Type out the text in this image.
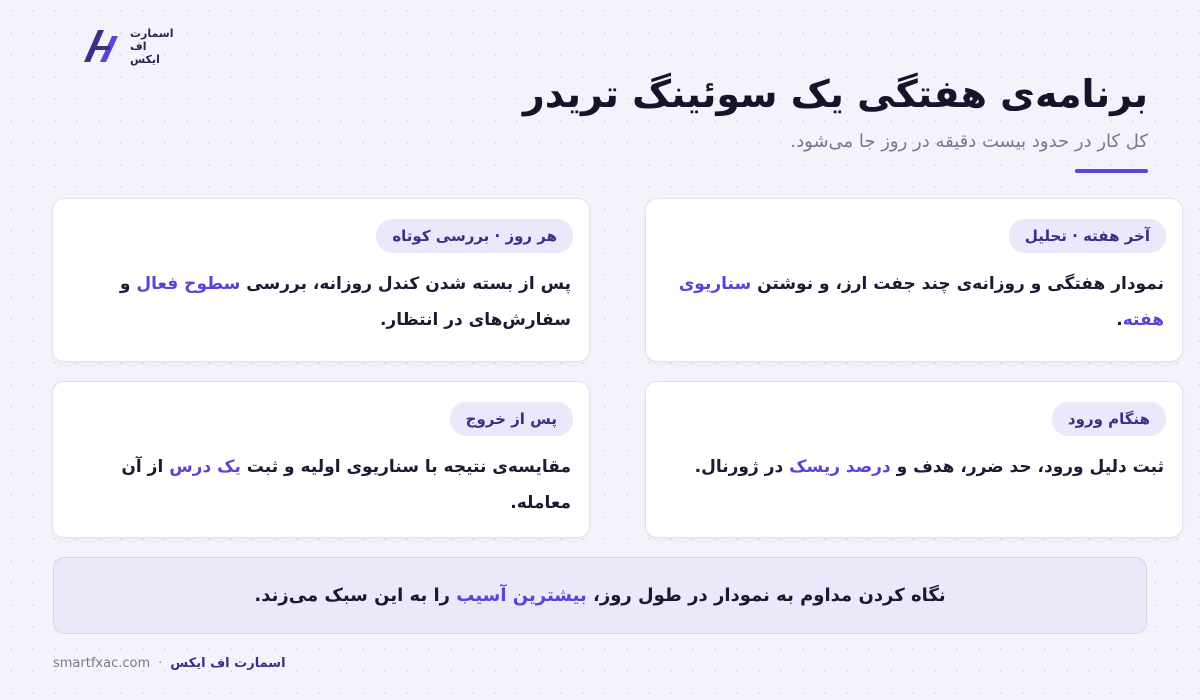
اسمارت
اف
ایکس
برنامه‌ی هفتگی یک سوئینگ تریدر

کل کار در حدود بیست دقیقه در روز جا می‌شود.

آخر هفته · تحلیل

نمودار هفتگی و روزانه‌ی چند جفت ارز، و نوشتن سناریوی هفته.

هر روز · بررسی کوتاه

پس از بسته شدن کندل روزانه، بررسی سطوح فعال و سفارش‌های در انتظار.

هنگام ورود

ثبت دلیل ورود، حد ضرر، هدف و درصد ریسک در ژورنال.

پس از خروج

مقایسه‌ی نتیجه با سناریوی اولیه و ثبت یک درس از آن معامله.

نگاه کردن مداوم به نمودار در طول روز، بیشترین آسیب را به این سبک می‌زند.

اسمارت اف ایکس
·
smartfxac.com
